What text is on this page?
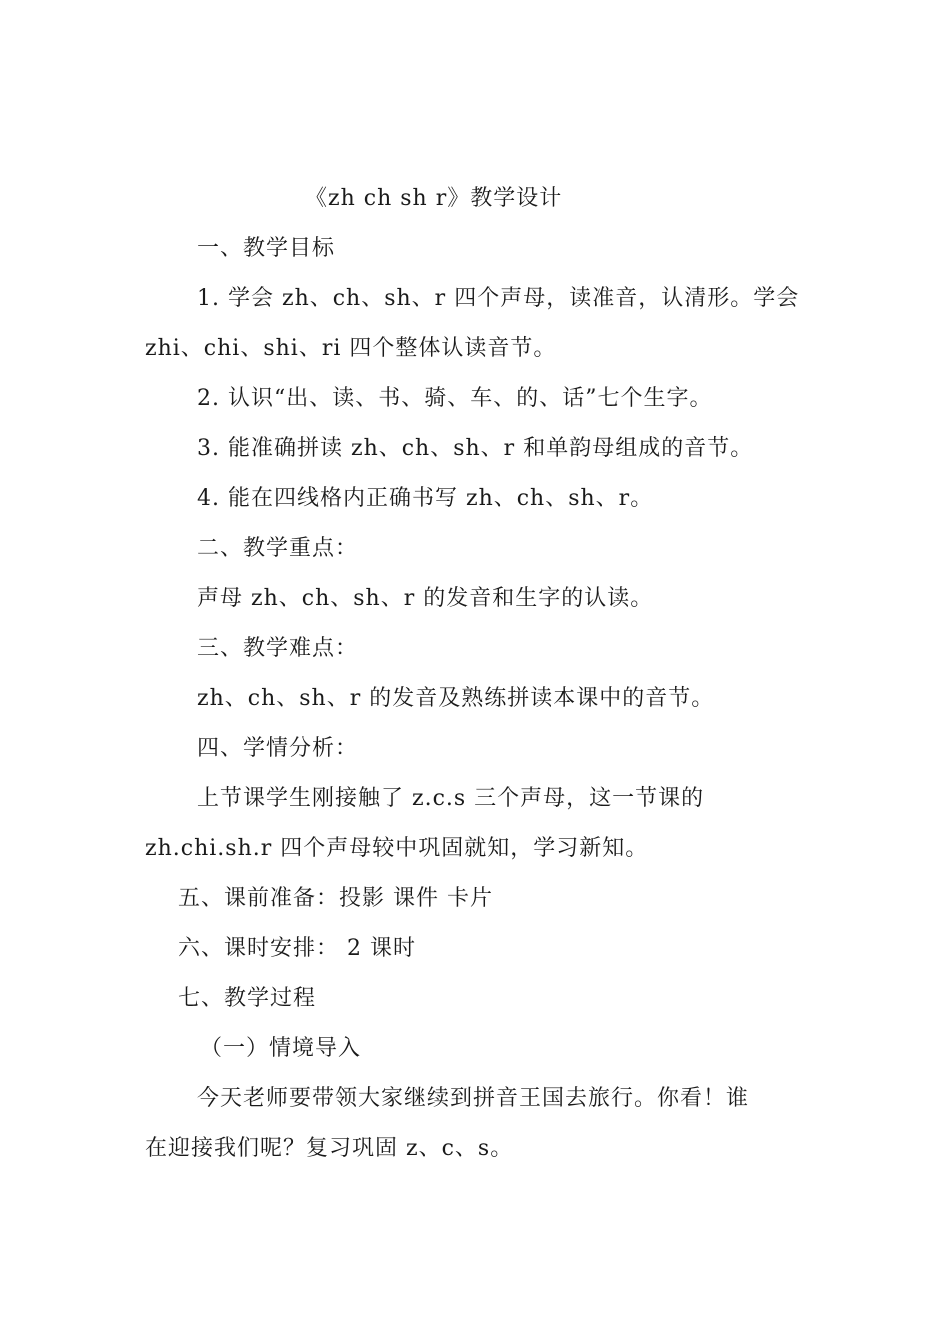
《zh ch sh r》教学设计
一、教学目标
1. 学会 zh、ch、sh、r 四个声母，读准音，认清形。学会
zhi、chi、shi、ri 四个整体认读音节。
2. 认识“出、读、书、骑、车、的、话”七个生字。
3. 能准确拼读 zh、ch、sh、r 和单韵母组成的音节。
4. 能在四线格内正确书写 zh、ch、sh、r。
二、教学重点：
声母 zh、ch、sh、r 的发音和生字的认读。
三、教学难点：
zh、ch、sh、r 的发音及熟练拼读本课中的音节。
四、学情分析：
上节课学生刚接触了 z.c.s 三个声母，这一节课的
zh.chi.sh.r 四个声母较中巩固就知，学习新知。
五、课前准备：投影 课件 卡片
六、课时安排： 2 课时
七、教学过程
（一）情境导入
今天老师要带领大家继续到拼音王国去旅行。你看！谁
在迎接我们呢？复习巩固 z、c、s。
